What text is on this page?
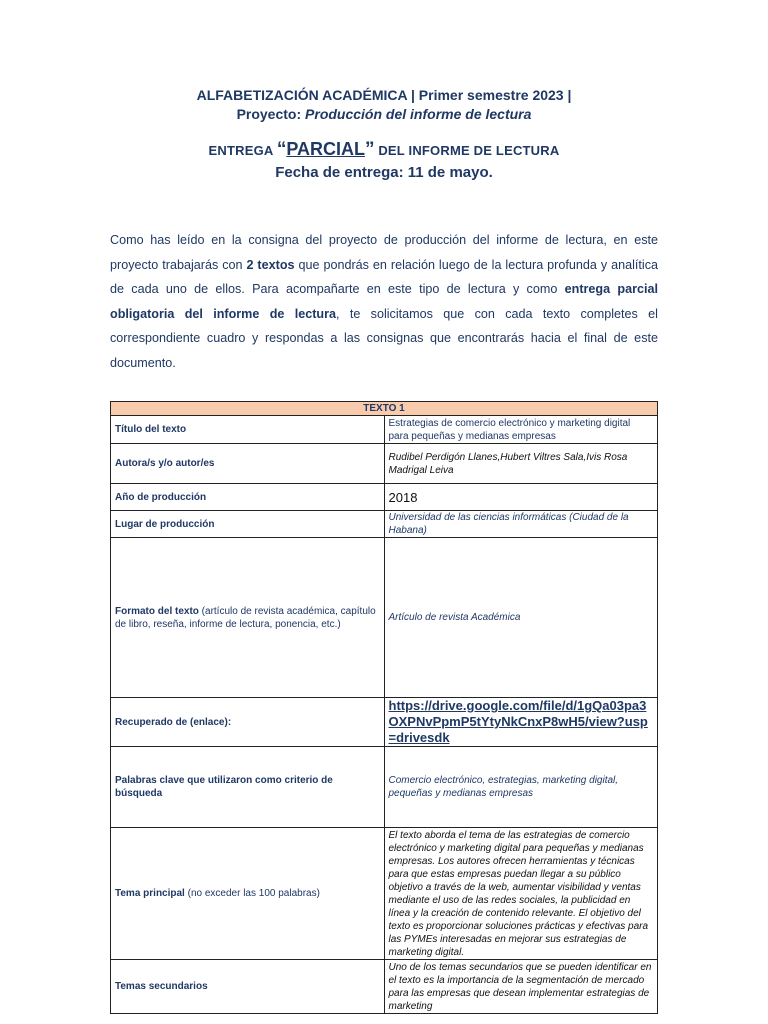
ALFABETIZACIÓN ACADÉMICA | Primer semestre 2023 |
Proyecto: Producción del informe de lectura
ENTREGA “PARCIAL” DEL INFORME DE LECTURA
Fecha de entrega: 11 de mayo.
Como has leído en la consigna del proyecto de producción del informe de lectura, en este proyecto trabajarás con 2 textos que pondrás en relación luego de la lectura profunda y analítica de cada uno de ellos. Para acompañarte en este tipo de lectura y como entrega parcial obligatoria del informe de lectura, te solicitamos que con cada texto completes el correspondiente cuadro y respondas a las consignas que encontrarás hacia el final de este documento.
TEXTO 1	
Título del texto	Estrategias de comercio electrónico y marketing digital para pequeñas y medianas empresas
Autora/s y/o autor/es	Rudibel Perdigón Llanes,Hubert Viltres Sala,Ivis Rosa Madrigal Leiva
Año de producción	2018
Lugar de producción	Universidad de las ciencias informáticas (Ciudad de la Habana)
Formato del texto (artículo de revista académica, capítulo de libro, reseña, informe de lectura, ponencia, etc.)	Artículo de revista Académica
Recuperado de (enlace):	https://drive.google.com/file/d/1gQa03pa3OXPNvPpmP5tYtyNkCnxP8wH5/view?usp=drivesdk
Palabras clave que utilizaron como criterio de búsqueda	Comercio electrónico, estrategias, marketing digital, pequeñas y medianas empresas
Tema principal (no exceder las 100 palabras)	El texto aborda el tema de las estrategias de comercio electrónico y marketing digital para pequeñas y medianas empresas. Los autores ofrecen herramientas y técnicas para que estas empresas puedan llegar a su público objetivo a través de la web, aumentar visibilidad y ventas mediante el uso de las redes sociales, la publicidad en línea y la creación de contenido relevante. El objetivo del texto es proporcionar soluciones prácticas y efectivas para las PYMEs interesadas en mejorar sus estrategias de marketing digital.
Temas secundarios	Uno de los temas secundarios que se pueden identificar en el texto es la importancia de la segmentación de mercado para las empresas que desean implementar estrategias de marketing
